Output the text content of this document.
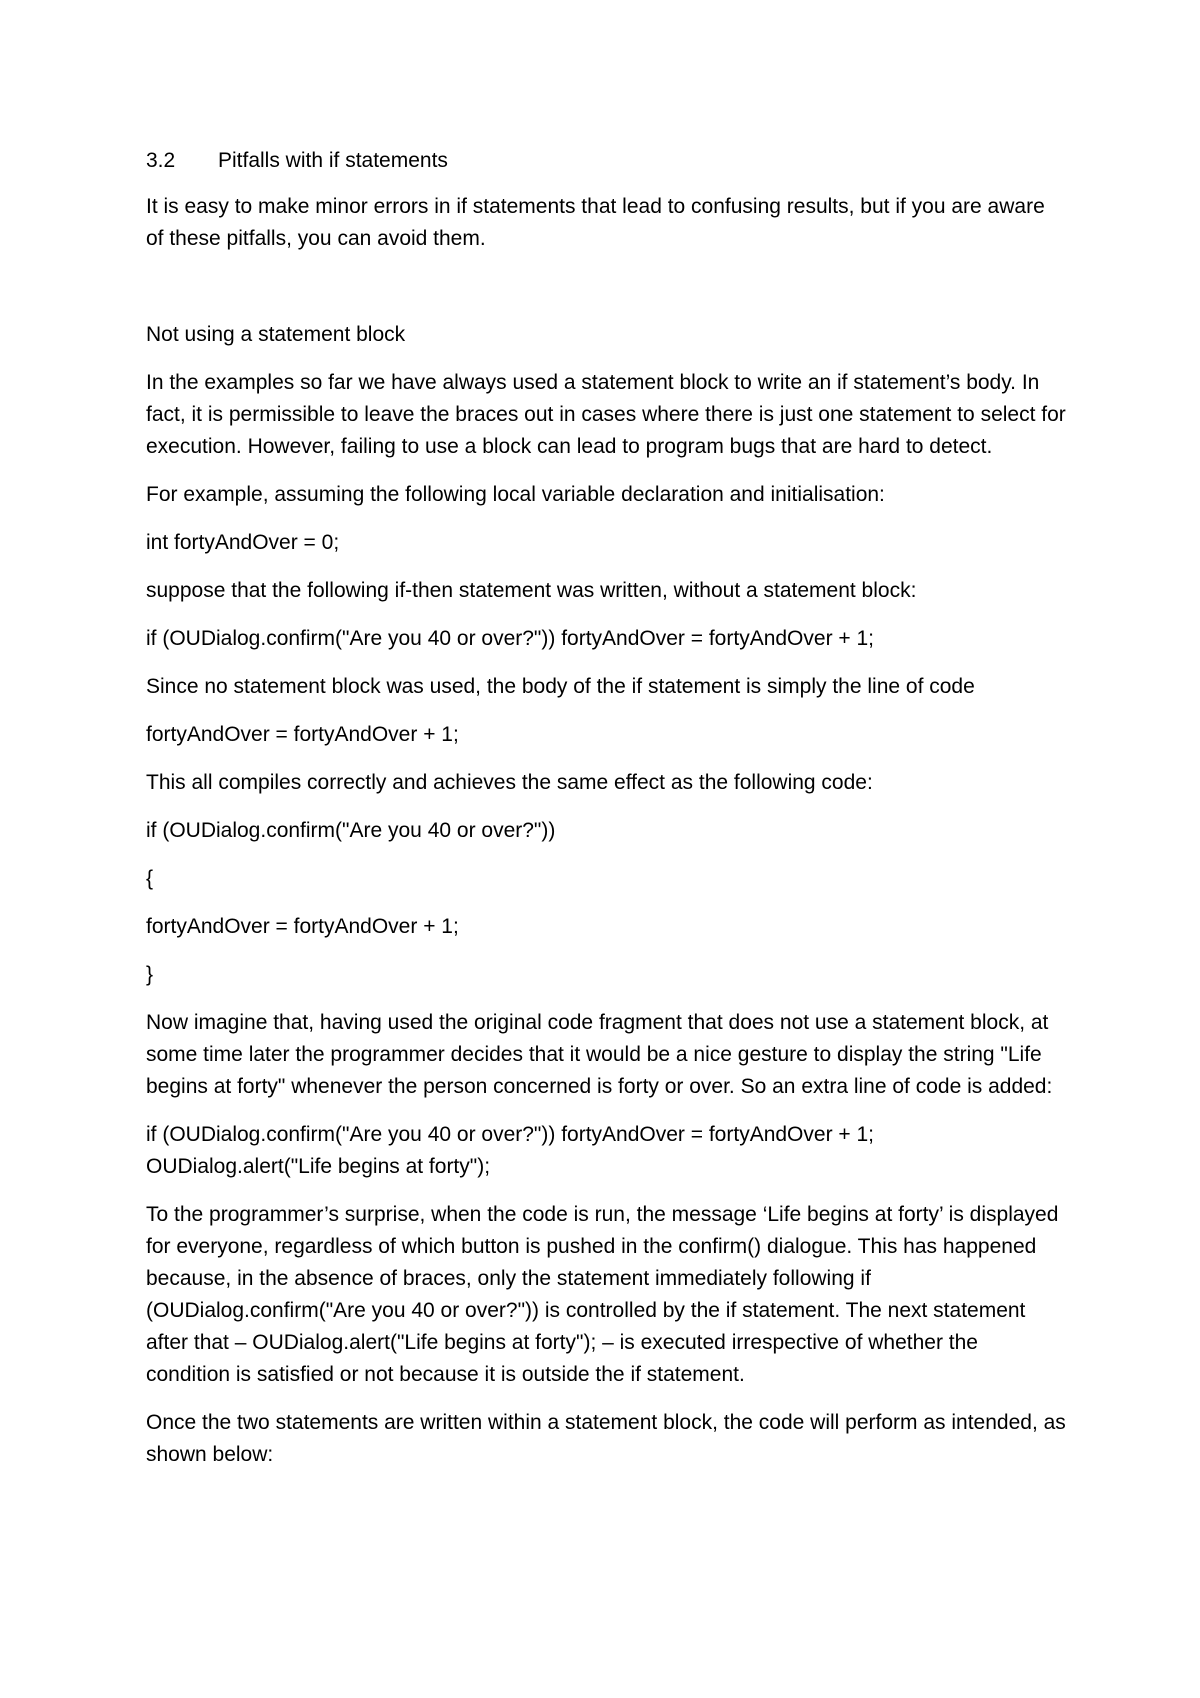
3.2	Pitfalls with if statements

It is easy to make minor errors in if statements that lead to confusing results, but if you are aware of these pitfalls, you can avoid them.

Not using a statement block

In the examples so far we have always used a statement block to write an if statement’s body. In fact, it is permissible to leave the braces out in cases where there is just one statement to select for execution. However, failing to use a block can lead to program bugs that are hard to detect.

For example, assuming the following local variable declaration and initialisation:

int fortyAndOver = 0;

suppose that the following if-then statement was written, without a statement block:

if (OUDialog.confirm("Are you 40 or over?")) fortyAndOver = fortyAndOver + 1;

Since no statement block was used, the body of the if statement is simply the line of code

fortyAndOver = fortyAndOver + 1;

This all compiles correctly and achieves the same effect as the following code:

if (OUDialog.confirm("Are you 40 or over?"))

{

fortyAndOver = fortyAndOver + 1;

}

Now imagine that, having used the original code fragment that does not use a statement block, at some time later the programmer decides that it would be a nice gesture to display the string "Life begins at forty" whenever the person concerned is forty or over. So an extra line of code is added:

if (OUDialog.confirm("Are you 40 or over?")) fortyAndOver = fortyAndOver + 1;
OUDialog.alert("Life begins at forty");

To the programmer’s surprise, when the code is run, the message ‘Life begins at forty’ is displayed for everyone, regardless of which button is pushed in the confirm() dialogue. This has happened because, in the absence of braces, only the statement immediately following if (OUDialog.confirm("Are you 40 or over?")) is controlled by the if statement. The next statement after that – OUDialog.alert("Life begins at forty"); – is executed irrespective of whether the condition is satisfied or not because it is outside the if statement.

Once the two statements are written within a statement block, the code will perform as intended, as shown below:
